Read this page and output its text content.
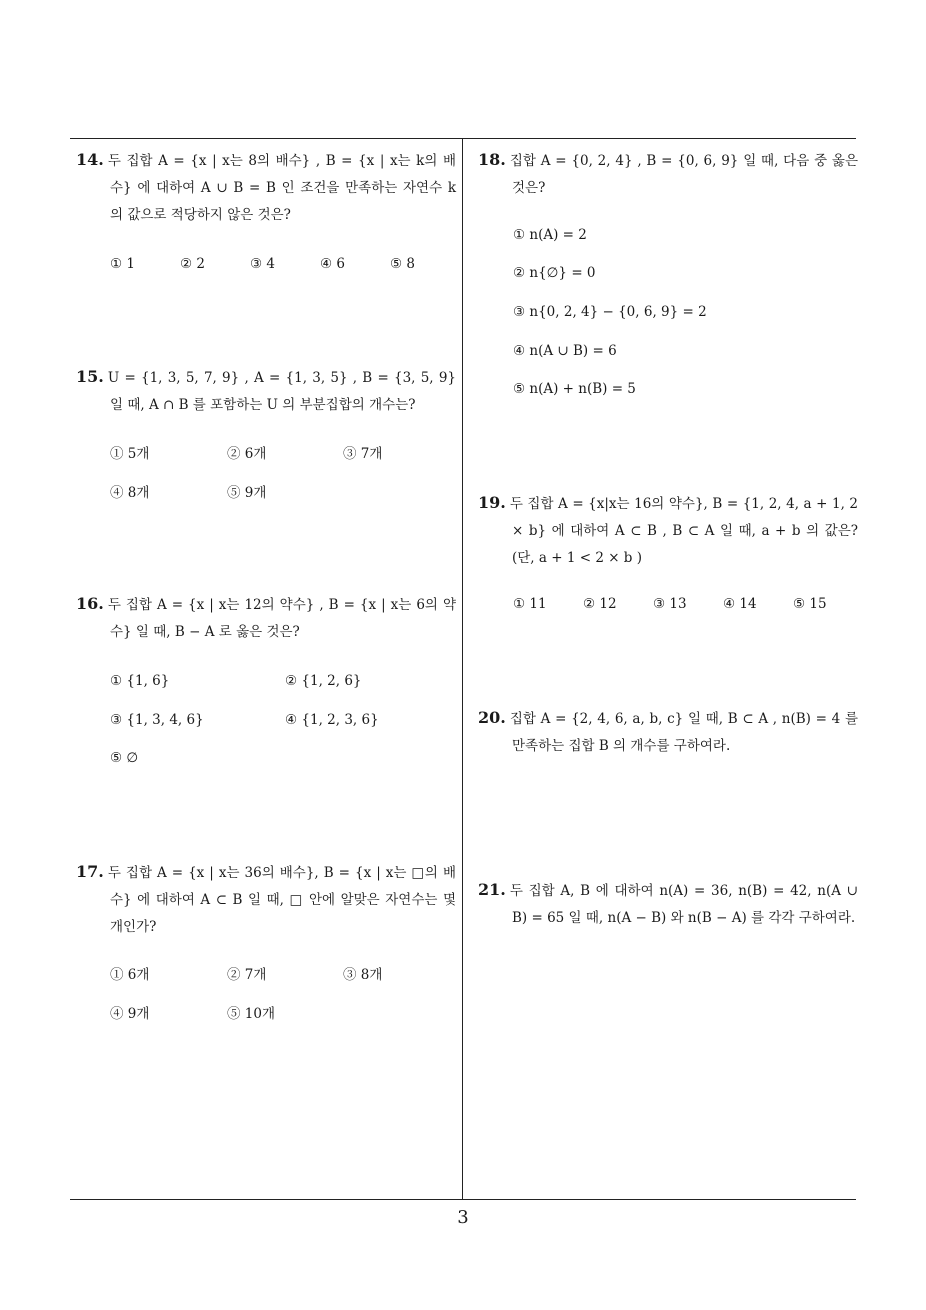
14. 두 집합 A = {x | x는 8의 배수} , B = {x | x는 k의 배수} 에 대하여 A ∪ B = B 인 조건을 만족하는 자연수 k 의 값으로 적당하지 않은 것은?
① 1	② 2	③ 4	④ 6	⑤ 8
15. U = {1, 3, 5, 7, 9} , A = {1, 3, 5} , B = {3, 5, 9} 일 때, A ∩ B 를 포함하는 U 의 부분집합의 개수는?
① 5개	② 6개	③ 7개
④ 8개	⑤ 9개
16. 두 집합 A = {x | x는 12의 약수} , B = {x | x는 6의 약수} 일 때, B − A 로 옳은 것은?
① {1, 6}	② {1, 2, 6}
③ {1, 3, 4, 6}	④ {1, 2, 3, 6}
⑤ ∅
17. 두 집합 A = {x | x는 36의 배수}, B = {x | x는 □의 배수} 에 대하여 A ⊂ B 일 때, □ 안에 알맞은 자연수는 몇 개인가?
① 6개	② 7개	③ 8개
④ 9개	⑤ 10개
18. 집합 A = {0, 2, 4} , B = {0, 6, 9} 일 때, 다음 중 옳은 것은?
① n(A) = 2
② n{∅} = 0
③ n{0, 2, 4} − {0, 6, 9} = 2
④ n(A ∪ B) = 6
⑤ n(A) + n(B) = 5
19. 두 집합 A = {x|x는 16의 약수}, B = {1, 2, 4, a + 1, 2 × b} 에 대하여 A ⊂ B , B ⊂ A 일 때, a + b 의 값은?(단, a + 1 < 2 × b )
① 11	② 12	③ 13	④ 14	⑤ 15
20. 집합 A = {2, 4, 6, a, b, c} 일 때, B ⊂ A , n(B) = 4 를 만족하는 집합 B 의 개수를 구하여라.
21. 두 집합 A, B 에 대하여 n(A) = 36, n(B) = 42, n(A ∪ B) = 65 일 때, n(A − B) 와 n(B − A) 를 각각 구하여라.
3
